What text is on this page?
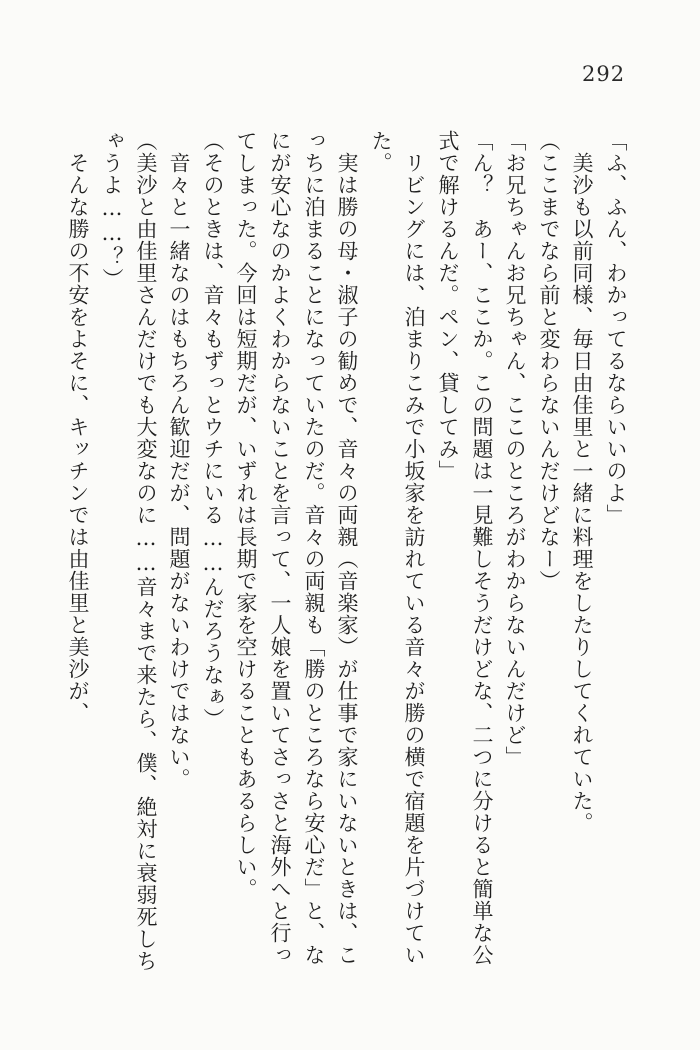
292
「ふ、ふん、わかってるならいいのよ」
美沙も以前同様、毎日由佳里と一緒に料理をしたりしてくれていた。
（ここまでなら前と変わらないんだけどなー）
「お兄ちゃんお兄ちゃん、ここのところがわからないんだけど」
「ん？　あー、ここか。この問題は一見難しそうだけどな、二つに分けると簡単な公
式で解けるんだ。ペン、貸してみ」
リビングには、泊まりこみで小坂家を訪れている音々が勝の横で宿題を片づけてい
た。
実は勝の母・淑子の勧めで、音々の両親（音楽家）が仕事で家にいないときは、こ
っちに泊まることになっていたのだ。音々の両親も「勝のところなら安心だ」と、な
にが安心なのかよくわからないことを言って、一人娘を置いてさっさと海外へと行っ
てしまった。今回は短期だが、いずれは長期で家を空けることもあるらしい。
（そのときは、音々もずっとウチにいる……んだろうなぁ）
音々と一緒なのはもちろん歓迎だが、問題がないわけではない。
（美沙と由佳里さんだけでも大変なのに……音々まで来たら、僕、絶対に衰弱死しち
ゃうよ……？）
そんな勝の不安をよそに、キッチンでは由佳里と美沙が、
